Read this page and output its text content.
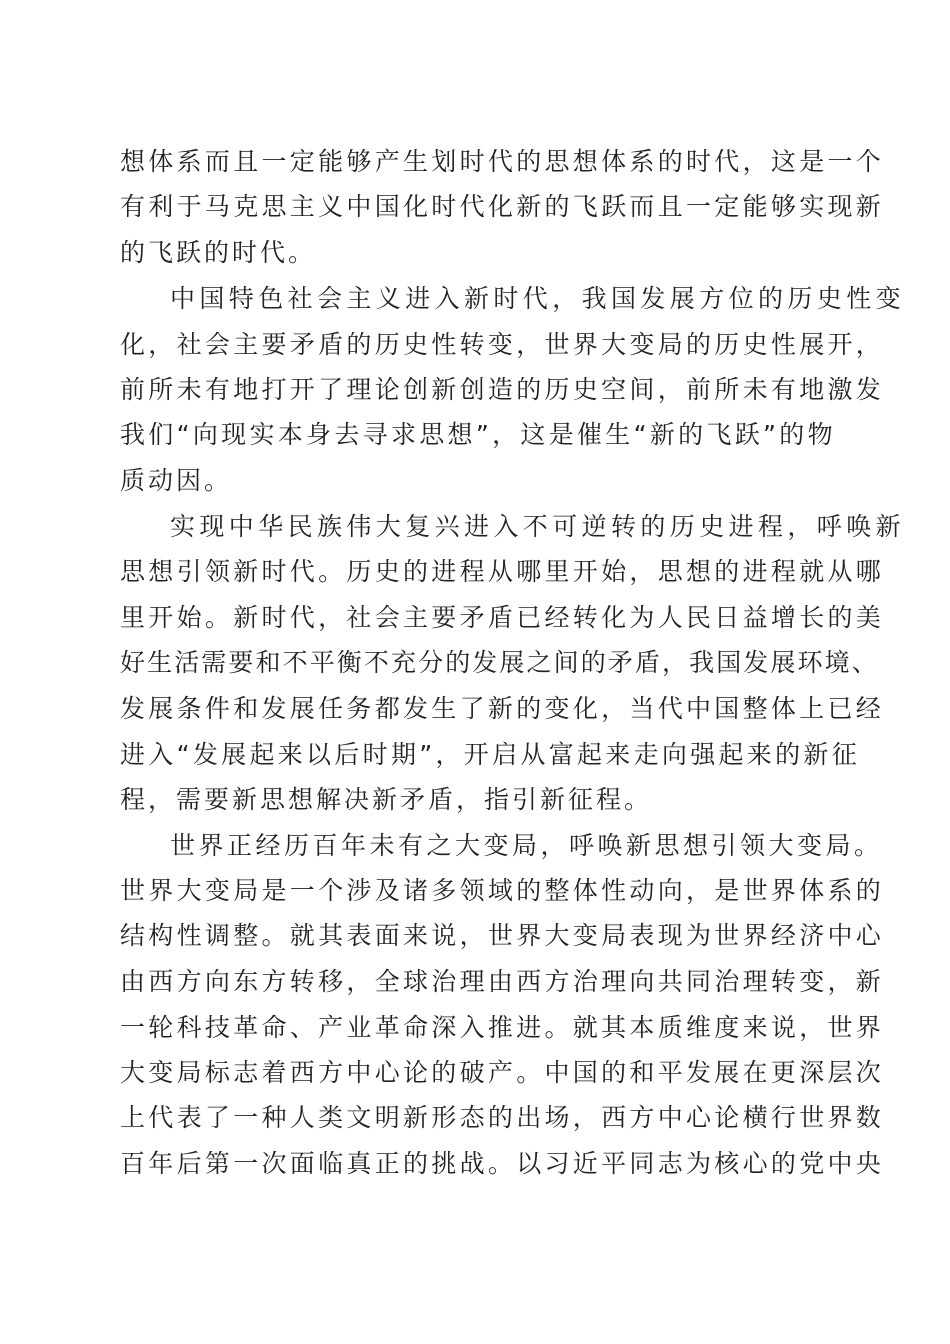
想体系而且一定能够产生划时代的思想体系的时代，这是一个
有利于马克思主义中国化时代化新的飞跃而且一定能够实现新
的飞跃的时代。
中国特色社会主义进入新时代，我国发展方位的历史性变
化，社会主要矛盾的历史性转变，世界大变局的历史性展开，
前所未有地打开了理论创新创造的历史空间，前所未有地激发
我们“向现实本身去寻求思想”，这是催生“新的飞跃”的物
质动因。
实现中华民族伟大复兴进入不可逆转的历史进程，呼唤新
思想引领新时代。历史的进程从哪里开始，思想的进程就从哪
里开始。新时代，社会主要矛盾已经转化为人民日益增长的美
好生活需要和不平衡不充分的发展之间的矛盾，我国发展环境、
发展条件和发展任务都发生了新的变化，当代中国整体上已经
进入“发展起来以后时期”，开启从富起来走向强起来的新征
程，需要新思想解决新矛盾，指引新征程。
世界正经历百年未有之大变局，呼唤新思想引领大变局。
世界大变局是一个涉及诸多领域的整体性动向，是世界体系的
结构性调整。就其表面来说，世界大变局表现为世界经济中心
由西方向东方转移，全球治理由西方治理向共同治理转变，新
一轮科技革命、产业革命深入推进。就其本质维度来说，世界
大变局标志着西方中心论的破产。中国的和平发展在更深层次
上代表了一种人类文明新形态的出场，西方中心论横行世界数
百年后第一次面临真正的挑战。以习近平同志为核心的党中央
